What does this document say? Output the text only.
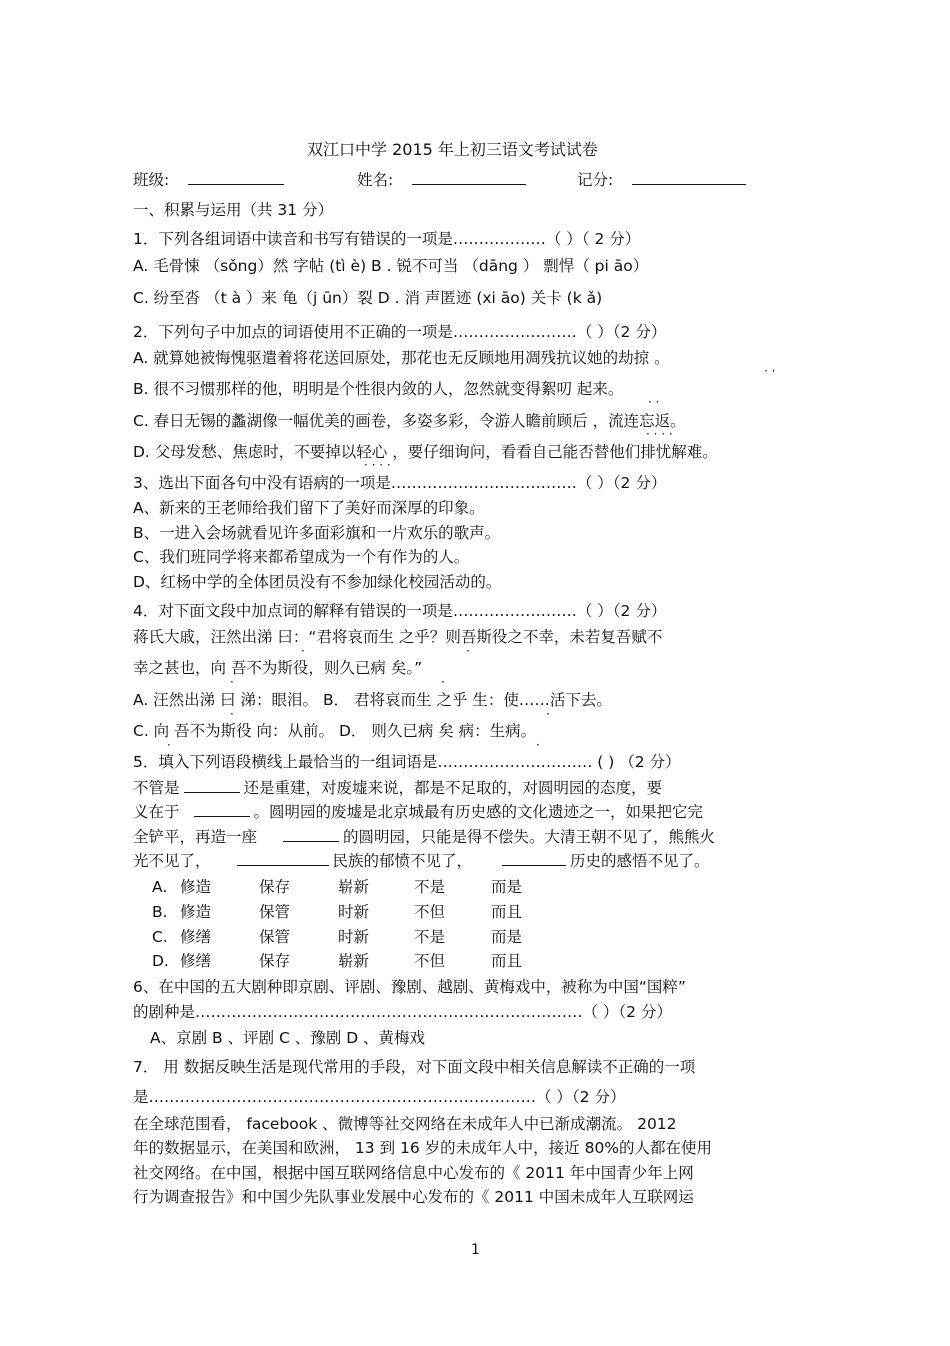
双江口中学 2015 年上初三语文考试试卷
班级:	姓名:	记分:
一、积累与运用（共 31 分）
1．下列各组词语中读音和书写有错误的一项是………………（ ）（ 2 分）
A. 毛骨悚 （sǒng）然 字帖 (tì è) B . 锐不可当 （dāng ） 剽悍（ pi āo）
C. 纷至沓 （t à ）来 龟（j ūn）裂 D . 消 声匿迹 (xi āo) 关卡 (k ǎ)
2．下列句子中加点的词语使用不正确的一项是……………………（ ）（2 分）
A. 就算她被悔愧驱遣着将花送回原处，那花也无反顾地用凋残抗议她的劫掠 。
· ·
B. 很不习惯那样的他，明明是个性很内敛的人，忽然就变得絮叨 起来。
· ·
C. 春日无锡的蠡湖像一幅优美的画卷，多姿多彩，令游人瞻前顾后 ，流连忘返。
· · · ·
D. 父母发愁、焦虑时，不要掉以轻心 ，要仔细询问，看看自己能否替他们排忧解难。
· · · ·
3、选出下面各句中没有语病的一项是………………………………（ ）（2 分）
A、新来的王老师给我们留下了美好而深厚的印象。
B、一进入会场就看见许多面彩旗和一片欢乐的歌声。
C、我们班同学将来都希望成为一个有作为的人。
D、红杨中学的全体团员没有不参加绿化校园活动的。
4．对下面文段中加点词的解释有错误的一项是……………………（ ）（2 分）
蒋氏大戚，汪然出涕 曰：“君将哀而生 之乎？则吾斯役之不幸，未若复吾赋不
·	·
幸之甚也，向 吾不为斯役，则久已病 矣。”
·	·
A. 汪然出涕 曰 涕：眼泪。 B． 君将哀而生 之乎 生：使……活下去。
·	·
C. 向 吾不为斯役 向：从前。 D． 则久已病 矣 病：生病。
·	·
5．填入下列语段横线上最恰当的一组词语是………………………… ( ) （2 分）
不管是	还是重建，对废墟来说，都是不足取的，对圆明园的态度，要
义在于	。圆明园的废墟是北京城最有历史感的文化遗迹之一，如果把它完
全铲平，再造一座	的圆明园，只能是得不偿失。大清王朝不见了，熊熊火
光不见了，	民族的郁愤不见了，	历史的感悟不见了。
A. 修造	保存	崭新	不是	而是
B. 修造	保管	时新	不但	而且
C. 修缮	保管	时新	不是	而是
D. 修缮	保存	崭新	不但	而且
6、在中国的五大剧种即京剧、评剧、豫剧、越剧、黄梅戏中，被称为中国“国粹”
的剧种是…………………………………………………………………（ ）（2 分）
A、京剧 B 、评剧 C 、豫剧 D 、黄梅戏
7． 用 数据反映生活是现代常用的手段，对下面文段中相关信息解读不正确的一项
是…………………………………………………………………（ ）（2 分）
在全球范围看， facebook 、微博等社交网络在未成年人中已渐成潮流。 2012
年的数据显示，在美国和欧洲， 13 到 16 岁的未成年人中，接近 80%的人都在使用
社交网络。在中国，根据中国互联网络信息中心发布的《 2011 年中国青少年上网
行为调查报告》和中国少先队事业发展中心发布的《 2011 中国未成年人互联网运
1
